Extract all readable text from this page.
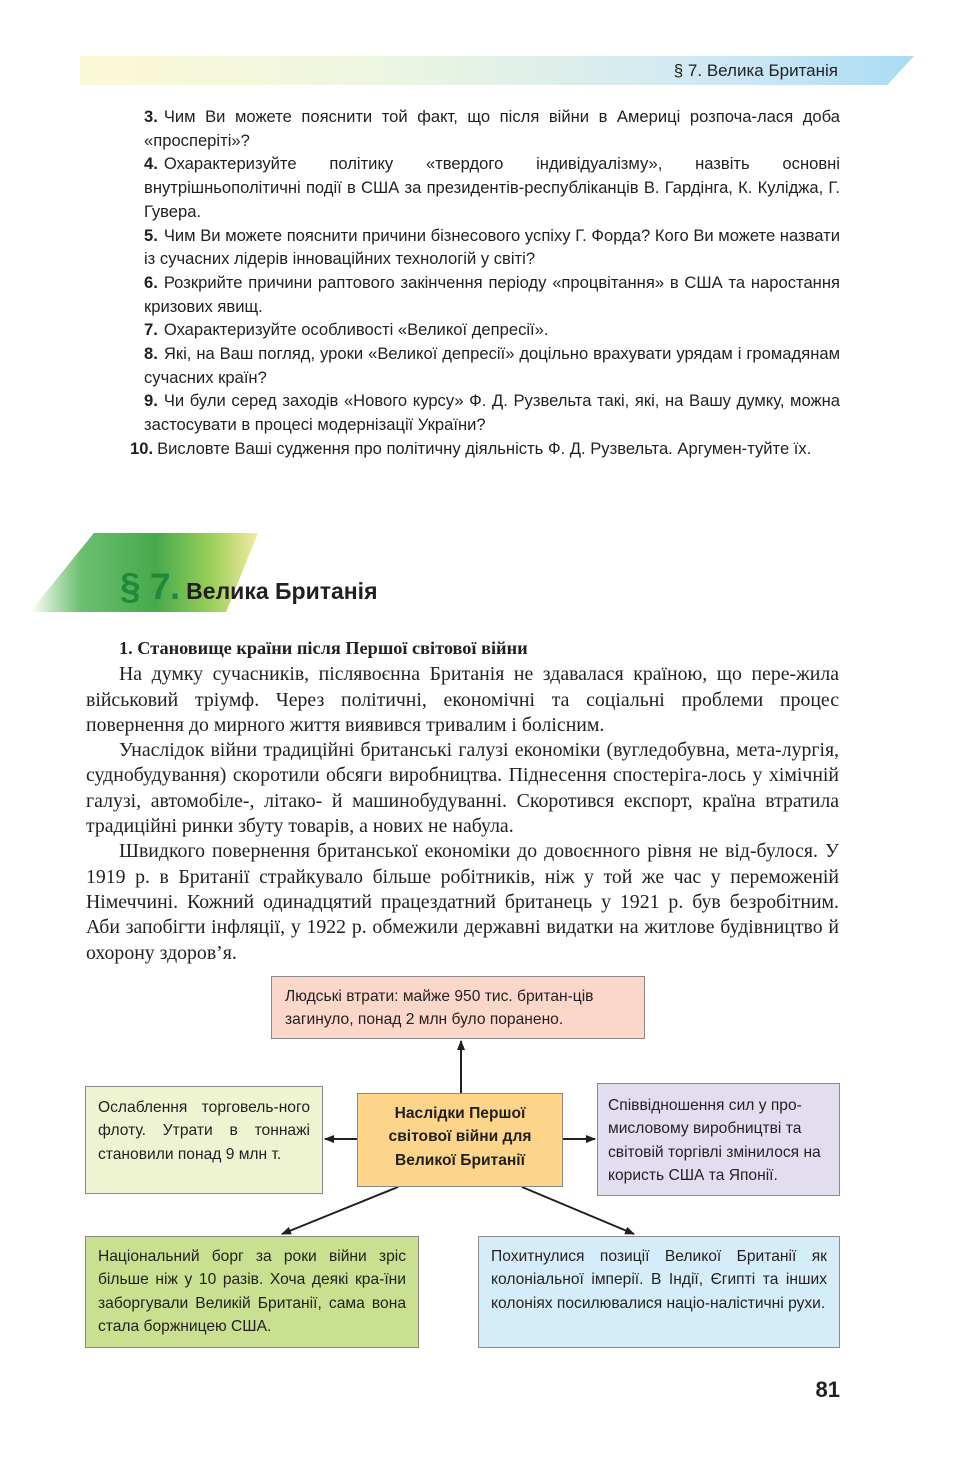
§ 7. Велика Британія
3. Чим Ви можете пояснити той факт, що після війни в Америці розпоча-лася доба «просперіті»?
4. Охарактеризуйте політику «твердого індивідуалізму», назвіть основні внутрішньополітичні події в США за президентів-республіканців В. Гардінга, К. Куліджа, Г. Гувера.
5. Чим Ви можете пояснити причини бізнесового успіху Г. Форда? Кого Ви можете назвати із сучасних лідерів інноваційних технологій у світі?
6. Розкрийте причини раптового закінчення періоду «процвітання» в США та наростання кризових явищ.
7. Охарактеризуйте особливості «Великої депресії».
8. Які, на Ваш погляд, уроки «Великої депресії» доцільно врахувати урядам і громадянам сучасних країн?
9. Чи були серед заходів «Нового курсу» Ф. Д. Рузвельта такі, які, на Вашу думку, можна застосувати в процесі модернізації України?
10. Висловте Ваші судження про політичну діяльність Ф. Д. Рузвельта. Аргумен-туйте їх.
§ 7. Велика Британія
1. Становище країни після Першої світової війни

На думку сучасників, післявоєнна Британія не здавалася країною, що пере-жила військовий тріумф. Через політичні, економічні та соціальні проблеми процес повернення до мирного життя виявився тривалим і болісним.

Унаслідок війни традиційні британські галузі економіки (вугледобувна, мета-лургія, суднобудування) скоротили обсяги виробництва. Піднесення спостеріга-лось у хімічній галузі, автомобіле-, літако- й машинобудуванні. Скоротився експорт, країна втратила традиційні ринки збуту товарів, а нових не набула.

Швидкого повернення британської економіки до довоєнного рівня не від-булося. У 1919 р. в Британії страйкувало більше робітників, ніж у той же час у переможеній Німеччині. Кожний одинадцятий працездатний британець у 1921 р. був безробітним. Аби запобігти інфляції, у 1922 р. обмежили державні видатки на житлове будівництво й охорону здоров’я.

Людські втрати: майже 950 тис. британ-ців загинуло, понад 2 млн було поранено.
Ослаблення торговель-ного флоту. Утрати в тоннажі становили понад 9 млн т.
Наслідки Першої світової війни для Великої Британії
Співвідношення сил у про-мисловому виробництві та світовій торгівлі змінилося на користь США та Японії.
Національний борг за роки війни зріс більше ніж у 10 разів. Хоча деякі кра-їни заборгували Великій Британії, сама вона стала боржницею США.
Похитнулися позиції Великої Британії як колоніальної імперії. В Індії, Єгипті та інших колоніях посилювалися націо-налістичні рухи.
81
